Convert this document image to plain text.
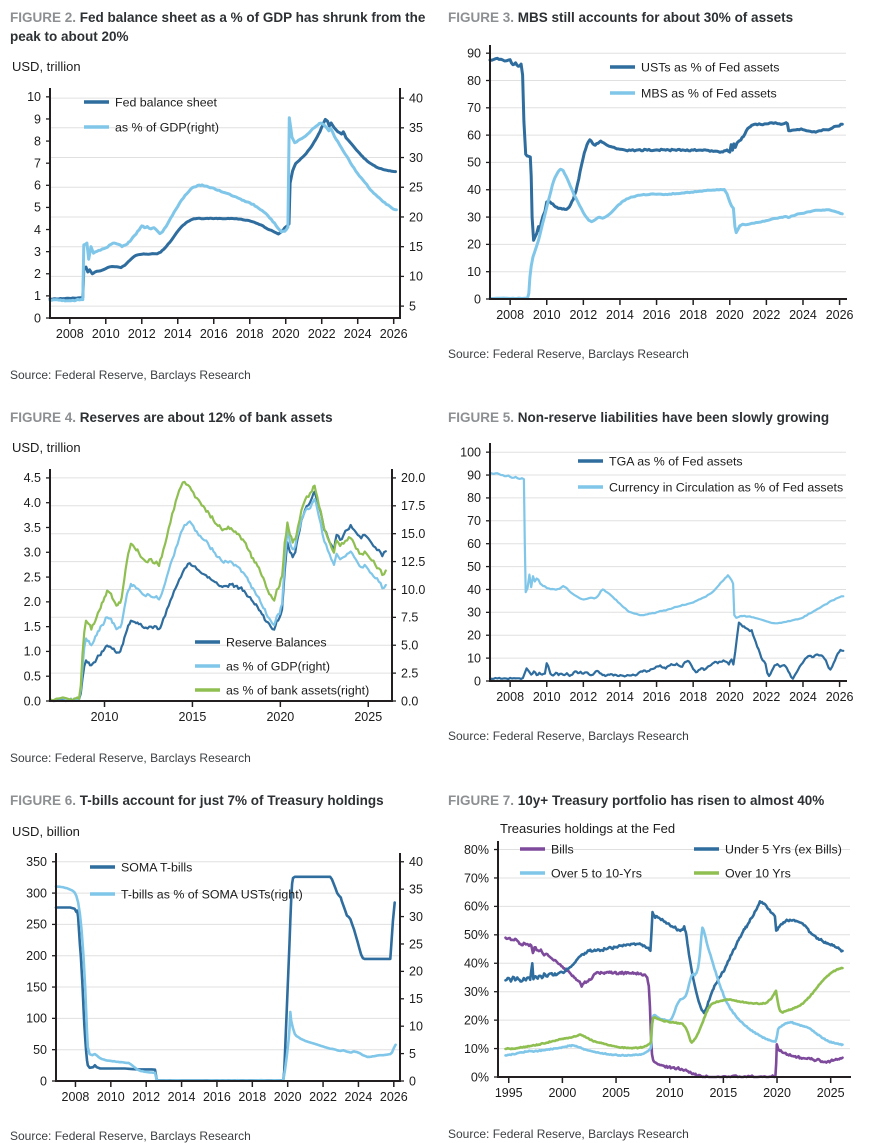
FIGURE 2. Fed balance sheet as a % of GDP has shrunk from the peak to about 20%
USD, trillion
0
1
2
3
4
5
6
7
8
9
10
5
10
15
20
25
30
35
40
2008 2010 2012 2014 2016 2018 2020 2022 2024 2026
Fed balance sheet
as % of GDP(right)
Source: Federal Reserve, Barclays Research
FIGURE 3. MBS still accounts for about 30% of assets
0
10
20
30
40
50
60
70
80
90
2008 2010 2012 2014 2016 2018 2020 2022 2024 2026
USTs as % of Fed assets
MBS as % of Fed assets
Source: Federal Reserve, Barclays Research
FIGURE 4. Reserves are about 12% of bank assets
USD, trillion
0.0
0.5
1.0
1.5
2.0
2.5
3.0
3.5
4.0
4.5
0.0
2.5
5.0
7.5
10.0
12.5
15.0
17.5
20.0
2010	2015	2020	2025
Reserve Balances
as % of GDP(right)
as % of bank assets(right)
Source: Federal Reserve, Barclays Research
FIGURE 5. Non-reserve liabilities have been slowly growing
0
10
20
30
40
50
60
70
80
90
100
2008 2010 2012 2014 2016 2018 2020 2022 2024 2026
TGA as % of Fed assets
Currency in Circulation as % of Fed assets
Source: Federal Reserve, Barclays Research
FIGURE 6. T-bills account for just 7% of Treasury holdings
USD, billion
0
50
100
150
200
250
300
350
0
5
10
15
20
25
30
35
40
2008 2010 2012 2014 2016 2018 2020 2022 2024 2026
SOMA T-bills
T-bills as % of SOMA USTs(right)
Source: Federal Reserve, Barclays Research
FIGURE 7. 10y+ Treasury portfolio has risen to almost 40%
0%
10%
20%
30%
40%
50%
60%
70%
80%
1995 2000 2005 2010 2015 2020 2025
Bills	Under 5 Yrs (ex Bills)
Over 5 to 10-Yrs	Over 10 Yrs
Treasuries holdings at the Fed
Source: Federal Reserve, Barclays Research
